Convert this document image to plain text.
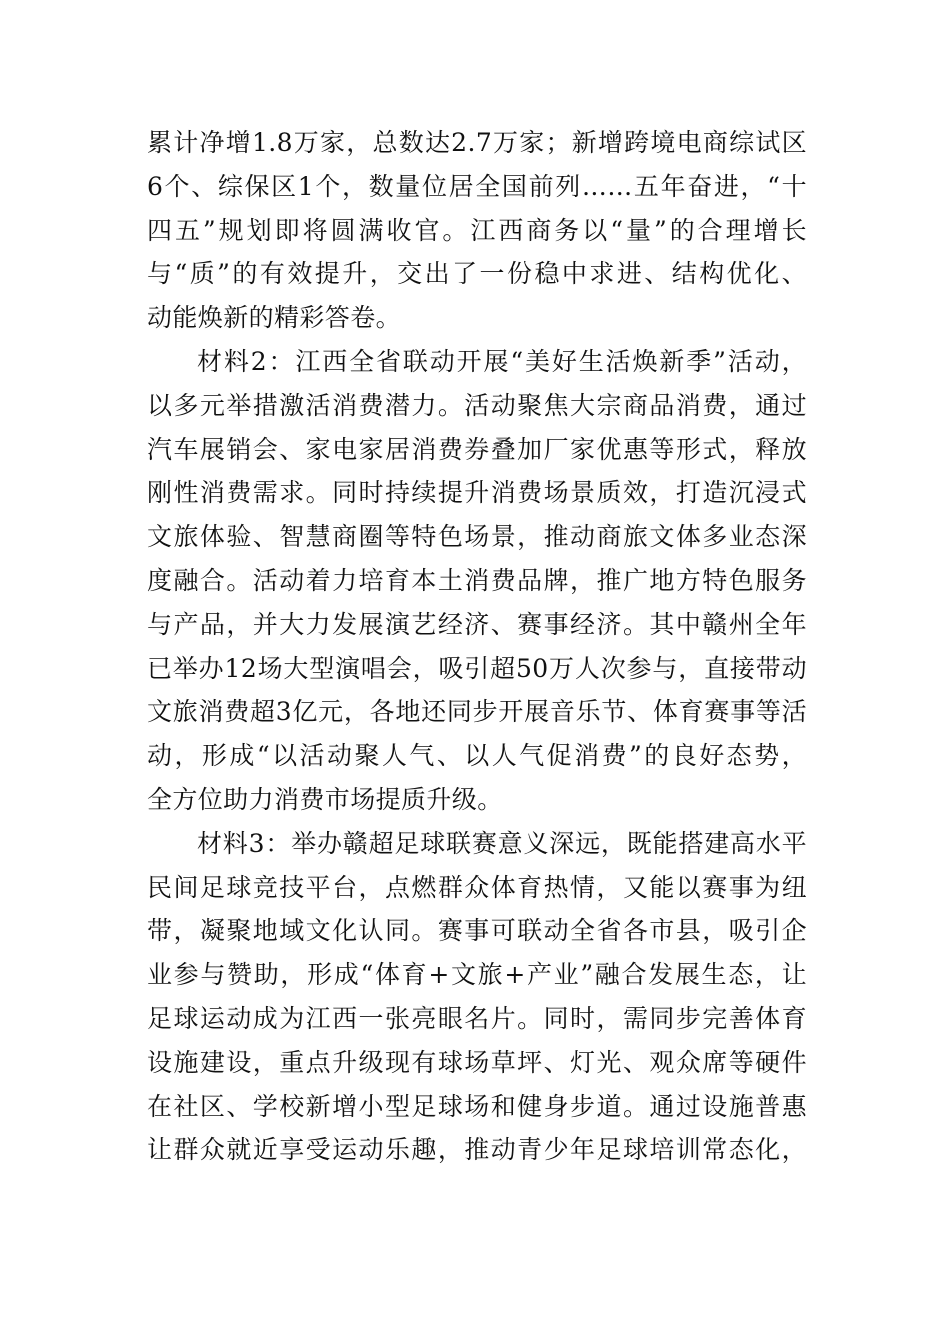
累计净增1.8万家，总数达2.7万家；新增跨境电商综试区
6个、综保区1个，数量位居全国前列……五年奋进，“十
四五”规划即将圆满收官。江西商务以“量”的合理增长
与“质”的有效提升，交出了一份稳中求进、结构优化、
动能焕新的精彩答卷。
材料2：江西全省联动开展“美好生活焕新季”活动，
以多元举措激活消费潜力。活动聚焦大宗商品消费，通过
汽车展销会、家电家居消费券叠加厂家优惠等形式，释放
刚性消费需求。同时持续提升消费场景质效，打造沉浸式
文旅体验、智慧商圈等特色场景，推动商旅文体多业态深
度融合。活动着力培育本土消费品牌，推广地方特色服务
与产品，并大力发展演艺经济、赛事经济。其中赣州全年
已举办12场大型演唱会，吸引超50万人次参与，直接带动
文旅消费超3亿元，各地还同步开展音乐节、体育赛事等活
动，形成“以活动聚人气、以人气促消费”的良好态势，
全方位助力消费市场提质升级。
材料3：举办赣超足球联赛意义深远，既能搭建高水平
民间足球竞技平台，点燃群众体育热情，又能以赛事为纽
带，凝聚地域文化认同。赛事可联动全省各市县，吸引企
业参与赞助，形成“体育+文旅+产业”融合发展生态，让
足球运动成为江西一张亮眼名片。同时，需同步完善体育
设施建设，重点升级现有球场草坪、灯光、观众席等硬件
在社区、学校新增小型足球场和健身步道。通过设施普惠
让群众就近享受运动乐趣，推动青少年足球培训常态化，
